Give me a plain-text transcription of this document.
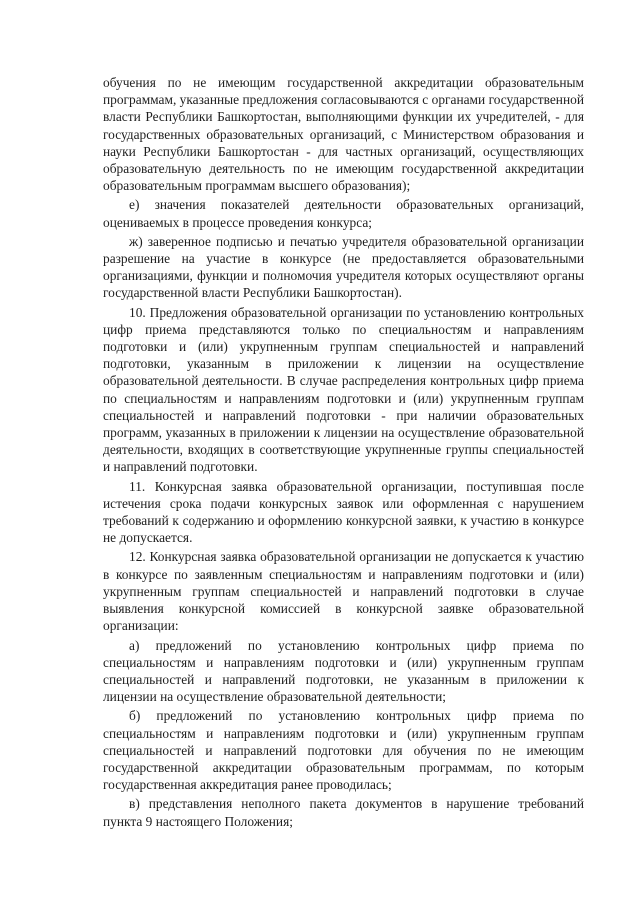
обучения по не имеющим государственной аккредитации образовательным программам, указанные предложения согласовываются с органами государственной власти Республики Башкортостан, выполняющими функции их учредителей, - для государственных образовательных организаций, с Министерством образования и науки Республики Башкортостан - для частных организаций, осуществляющих образовательную деятельность по не имеющим государственной аккредитации образовательным программам высшего образования);

е) значения показателей деятельности образовательных организаций, оцениваемых в процессе проведения конкурса;

ж) заверенное подписью и печатью учредителя образовательной организации разрешение на участие в конкурсе (не предоставляется образовательными организациями, функции и полномочия учредителя которых осуществляют органы государственной власти Республики Башкортостан).

10. Предложения образовательной организации по установлению контрольных цифр приема представляются только по специальностям и направлениям подготовки и (или) укрупненным группам специальностей и направлений подготовки, указанным в приложении к лицензии на осуществление образовательной деятельности. В случае распределения контрольных цифр приема по специальностям и направлениям подготовки и (или) укрупненным группам специальностей и направлений подготовки - при наличии образовательных программ, указанных в приложении к лицензии на осуществление образовательной деятельности, входящих в соответствующие укрупненные группы специальностей и направлений подготовки.

11. Конкурсная заявка образовательной организации, поступившая после истечения срока подачи конкурсных заявок или оформленная с нарушением требований к содержанию и оформлению конкурсной заявки, к участию в конкурсе не допускается.

12. Конкурсная заявка образовательной организации не допускается к участию в конкурсе по заявленным специальностям и направлениям подготовки и (или) укрупненным группам специальностей и направлений подготовки в случае выявления конкурсной комиссией в конкурсной заявке образовательной организации:

а) предложений по установлению контрольных цифр приема по специальностям и направлениям подготовки и (или) укрупненным группам специальностей и направлений подготовки, не указанным в приложении к лицензии на осуществление образовательной деятельности;

б) предложений по установлению контрольных цифр приема по специальностям и направлениям подготовки и (или) укрупненным группам специальностей и направлений подготовки для обучения по не имеющим государственной аккредитации образовательным программам, по которым государственная аккредитация ранее проводилась;

в) представления неполного пакета документов в нарушение требований пункта 9 настоящего Положения;
